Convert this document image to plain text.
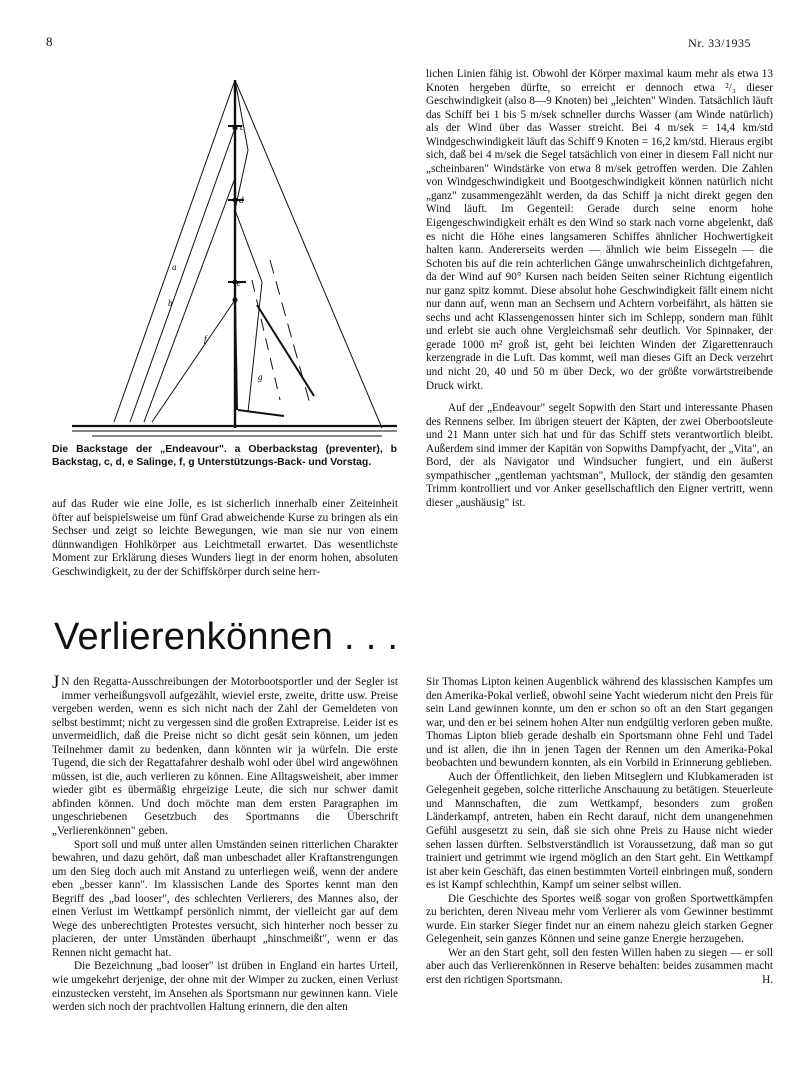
8	Nr. 33/1935
c
d
e
a
b
f
g
Die Backstage der „Endeavour". a Oberbackstag (preventer), b Backstag, c, d, e Salinge, f, g Unterstützungs-Back- und Vorstag.

auf das Ruder wie eine Jolle, es ist sicherlich innerhalb einer Zeiteinheit öfter auf beispielsweise um fünf Grad abweichende Kurse zu bringen als ein Sechser und zeigt so leichte Bewegungen, wie man sie nur von einem dünnwandigen Hohlkörper aus Leichtmetall erwartet. Das wesentlichste Moment zur Erklärung dieses Wunders liegt in der enorm hohen, absoluten Geschwindigkeit, zu der der Schiffskörper durch seine herr-

lichen Linien fähig ist. Obwohl der Körper maximal kaum mehr als etwa 13 Knoten hergeben dürfte, so erreicht er dennoch etwa ²/₃ dieser Geschwindigkeit (also 8—9 Knoten) bei „leichten" Winden. Tatsächlich läuft das Schiff bei 1 bis 5 m/sek schneller durchs Wasser (am Winde natürlich) als der Wind über das Wasser streicht. Bei 4 m/sek = 14,4 km/std Windgeschwindigkeit läuft das Schiff 9 Knoten = 16,2 km/std. Hieraus ergibt sich, daß bei 4 m/sek die Segel tatsächlich von einer in diesem Fall nicht nur „scheinbaren" Windstärke von etwa 8 m/sek getroffen werden. Die Zahlen von Windgeschwindigkeit und Bootgeschwindigkeit können natürlich nicht „ganz" zusammengezählt werden, da das Schiff ja nicht direkt gegen den Wind läuft. Im Gegenteil: Gerade durch seine enorm hohe Eigengeschwindigkeit erhält es den Wind so stark nach vorne abgelenkt, daß es nicht die Höhe eines langsameren Schiffes ähnlicher Hochwertigkeit halten kann. Andererseits werden — ähnlich wie beim Eissegeln — die Schoten bis auf die rein achterlichen Gänge unwahrscheinlich dichtgefahren, da der Wind auf 90° Kursen nach beiden Seiten seiner Richtung eigentlich nur ganz spitz kommt. Diese absolut hohe Geschwindigkeit fällt einem nicht nur dann auf, wenn man an Sechsern und Achtern vorbeifährt, als hätten sie sechs und acht Klassengenossen hinter sich im Schlepp, sondern man fühlt und erlebt sie auch ohne Vergleichsmaß sehr deutlich. Vor Spinnaker, der gerade 1000 m² groß ist, geht bei leichten Winden der Zigarettenrauch kerzengrade in die Luft. Das kommt, weil man dieses Gift an Deck verzehrt und nicht 20, 40 und 50 m über Deck, wo der größte vorwärtstreibende Druck wirkt.

Auf der „Endeavour" segelt Sopwith den Start und interessante Phasen des Rennens selber. Im übrigen steuert der Käpten, der zwei Oberbootsleute und 21 Mann unter sich hat und für das Schiff stets verantwortlich bleibt. Außerdem sind immer der Kapitän von Sopwiths Dampfyacht, der „Vita", an Bord, der als Navigator und Windsucher fungiert, und ein äußerst sympathischer „gentleman yachtsman", Mullock, der ständig den gesamten Trimm kontrolliert und vor Anker gesellschaftlich den Eigner vertritt, wenn dieser „aushäusig" ist.

Verlierenkönnen . . .

J N den Regatta-Ausschreibungen der Motorbootsportler und der Segler ist immer verheißungsvoll aufgezählt, wieviel erste, zweite, dritte usw. Preise vergeben werden, wenn es sich nicht nach der Zahl der Gemeldeten von selbst bestimmt; nicht zu vergessen sind die großen Extrapreise. Leider ist es unvermeidlich, daß die Preise nicht so dicht gesät sein können, um jeden Teilnehmer damit zu bedenken, dann könnten wir ja würfeln. Die erste Tugend, die sich der Regattafahrer deshalb wohl oder übel wird angewöhnen müssen, ist die, auch verlieren zu können. Eine Alltagsweisheit, aber immer wieder gibt es übermäßig ehrgeizige Leute, die sich nur schwer damit abfinden können. Und doch möchte man dem ersten Paragraphen im ungeschriebenen Gesetzbuch des Sportmanns die Überschrift „Verlierenkönnen" geben.

Sport soll und muß unter allen Umständen seinen ritterlichen Charakter bewahren, und dazu gehört, daß man unbeschadet aller Kraftanstrengungen um den Sieg doch auch mit Anstand zu unterliegen weiß, wenn der andere eben „besser kann". Im klassischen Lande des Sportes kennt man den Begriff des „bad looser", des schlechten Verlierers, des Mannes also, der einen Verlust im Wettkampf persönlich nimmt, der vielleicht gar auf dem Wege des unberechtigten Protestes versucht, sich hinterher noch besser zu placieren, der unter Umständen überhaupt „hinschmeißt", wenn er das Rennen nicht gemacht hat.

Die Bezeichnung „bad looser" ist drüben in England ein hartes Urteil, wie umgekehrt derjenige, der ohne mit der Wimper zu zucken, einen Verlust einzustecken versteht, im Ansehen als Sportsmann nur gewinnen kann. Viele werden sich noch der prachtvollen Haltung erinnern, die den alten

Sir Thomas Lipton keinen Augenblick während des klassischen Kampfes um den Amerika-Pokal verließ, obwohl seine Yacht wiederum nicht den Preis für sein Land gewinnen konnte, um den er schon so oft an den Start gegangen war, und den er bei seinem hohen Alter nun endgültig verloren geben mußte. Thomas Lipton blieb gerade deshalb ein Sportsmann ohne Fehl und Tadel und ist allen, die ihn in jenen Tagen der Rennen um den Amerika-Pokal beobachten und bewundern konnten, als ein Vorbild in Erinnerung geblieben.

Auch der Öffentlichkeit, den lieben Mitseglern und Klubkameraden ist Gelegenheit gegeben, solche ritterliche Anschauung zu betätigen. Steuerleute und Mannschaften, die zum Wettkampf, besonders zum großen Länderkampf, antreten, haben ein Recht darauf, nicht dem unangenehmen Gefühl ausgesetzt zu sein, daß sie sich ohne Preis zu Hause nicht wieder sehen lassen dürften. Selbstverständlich ist Voraussetzung, daß man so gut trainiert und getrimmt wie irgend möglich an den Start geht. Ein Wettkampf ist aber kein Geschäft, das einen bestimmten Vorteil einbringen muß, sondern es ist Kampf schlechthin, Kampf um seiner selbst willen.

Die Geschichte des Sportes weiß sogar von großen Sportwettkämpfen zu berichten, deren Niveau mehr vom Verlierer als vom Gewinner bestimmt wurde. Ein starker Sieger findet nur an einem nahezu gleich starken Gegner Gelegenheit, sein ganzes Können und seine ganze Energie herzugeben.

Wer an den Start geht, soll den festen Willen haben zu siegen — er soll aber auch das Verlierenkönnen in Reserve behalten: beides zusammen macht erst den richtigen Sportsmann.	H.
